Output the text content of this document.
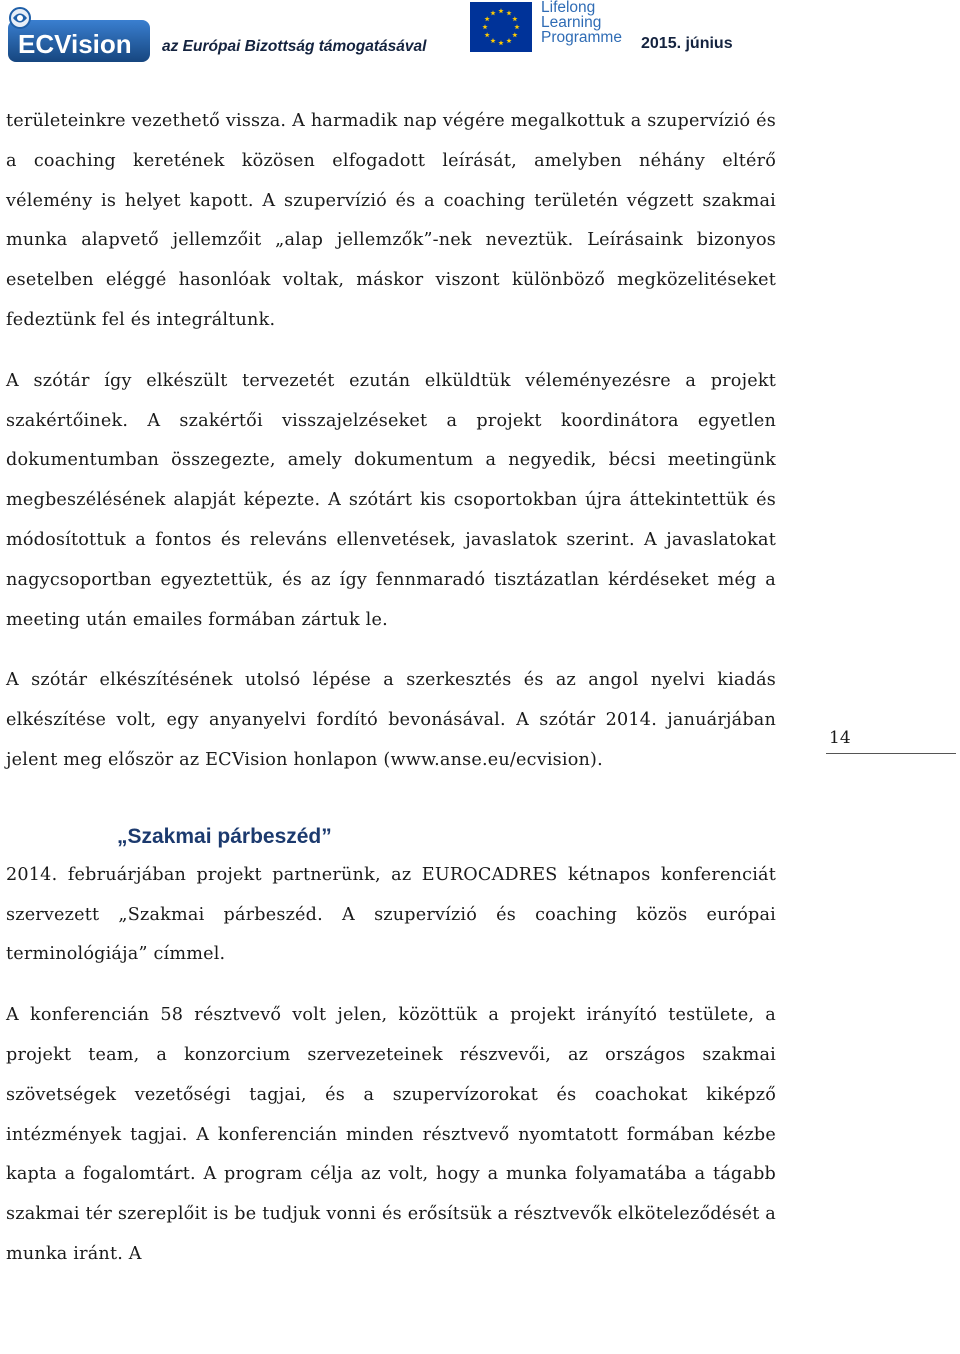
ECVision az Európai Bizottság támogatásával
Lifelong
Learning
Programme 2015. június

területeinkre vezethető vissza. A harmadik nap végére megalkottuk a szupervízió és a coaching keretének közösen elfogadott leírását, amelyben néhány eltérő vélemény is helyet kapott. A szupervízió és a coaching területén végzett szakmai munka alapvető jellemzőit „alap jellemzők”-nek neveztük. Leírásaink bizonyos esetelben eléggé hasonlóak voltak, máskor viszont különböző megközelitéseket fedeztünk fel és integráltunk.

A szótár így elkészült tervezetét ezután elküldtük véleményezésre a projekt szakértőinek. A szakértői visszajelzéseket a projekt koordinátora egyetlen dokumentumban összegezte, amely dokumentum a negyedik, bécsi meetingünk megbeszélésének alapját képezte. A szótárt kis csoportokban újra áttekintettük és módosítottuk a fontos és releváns ellenvetések, javaslatok szerint. A javaslatokat nagycsoportban egyeztettük, és az így fennmaradó tisztázatlan kérdéseket még a meeting után emailes formában zártuk le.

A szótár elkészítésének utolsó lépése a szerkesztés és az angol nyelvi kiadás elkészítése volt, egy anyanyelvi fordító bevonásával. A szótár 2014. januárjában jelent meg először az ECVision honlapon (www.anse.eu/ecvision).

„Szakmai párbeszéd”

2014. februárjában projekt partnerünk, az EUROCADRES kétnapos konferenciát szervezett „Szakmai párbeszéd. A szupervízió és coaching közös európai terminológiája” címmel.

A konferencián 58 résztvevő volt jelen, közöttük a projekt irányító testülete, a projekt team, a konzorcium szervezeteinek részvevői, az országos szakmai szövetségek vezetőségi tagjai, és a szupervízorokat és coachokat kiképző intézmények tagjai. A konferencián minden résztvevő nyomtatott formában kézbe kapta a fogalomtárt. A program célja az volt, hogy a munka folyamatába a tágabb szakmai tér szereplőit is be tudjuk vonni és erősítsük a résztvevők elköteleződését a munka iránt. A

14
